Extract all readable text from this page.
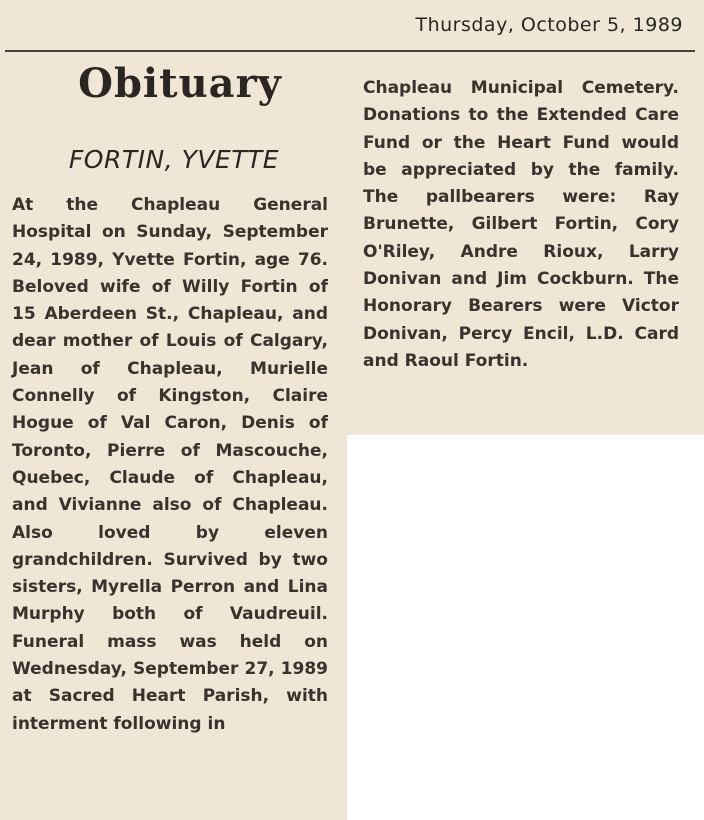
Thursday, October 5, 1989
Obituary
FORTIN, YVETTE

At the Chapleau General Hospital on Sunday, September 24, 1989, Yvette Fortin, age 76. Beloved wife of Willy Fortin of 15 Aberdeen St., Chapleau, and dear mother of Louis of Calgary, Jean of Chapleau, Murielle Connelly of Kingston, Claire Hogue of Val Caron, Denis of Toronto, Pierre of Mascouche, Quebec, Claude of Chapleau, and Vivianne also of Chapleau. Also loved by eleven grandchildren. Survived by two sisters, Myrella Perron and Lina Murphy both of Vaudreuil. Funeral mass was held on Wednesday, September 27, 1989 at Sacred Heart Parish, with interment following in

Chapleau Municipal Cemetery. Donations to the Extended Care Fund or the Heart Fund would be appreciated by the family. The pallbearers were: Ray Brunette, Gilbert Fortin, Cory O'Riley, Andre Rioux, Larry Donivan and Jim Cockburn. The Honorary Bearers were Victor Donivan, Percy Encil, L.D. Card and Raoul Fortin.
